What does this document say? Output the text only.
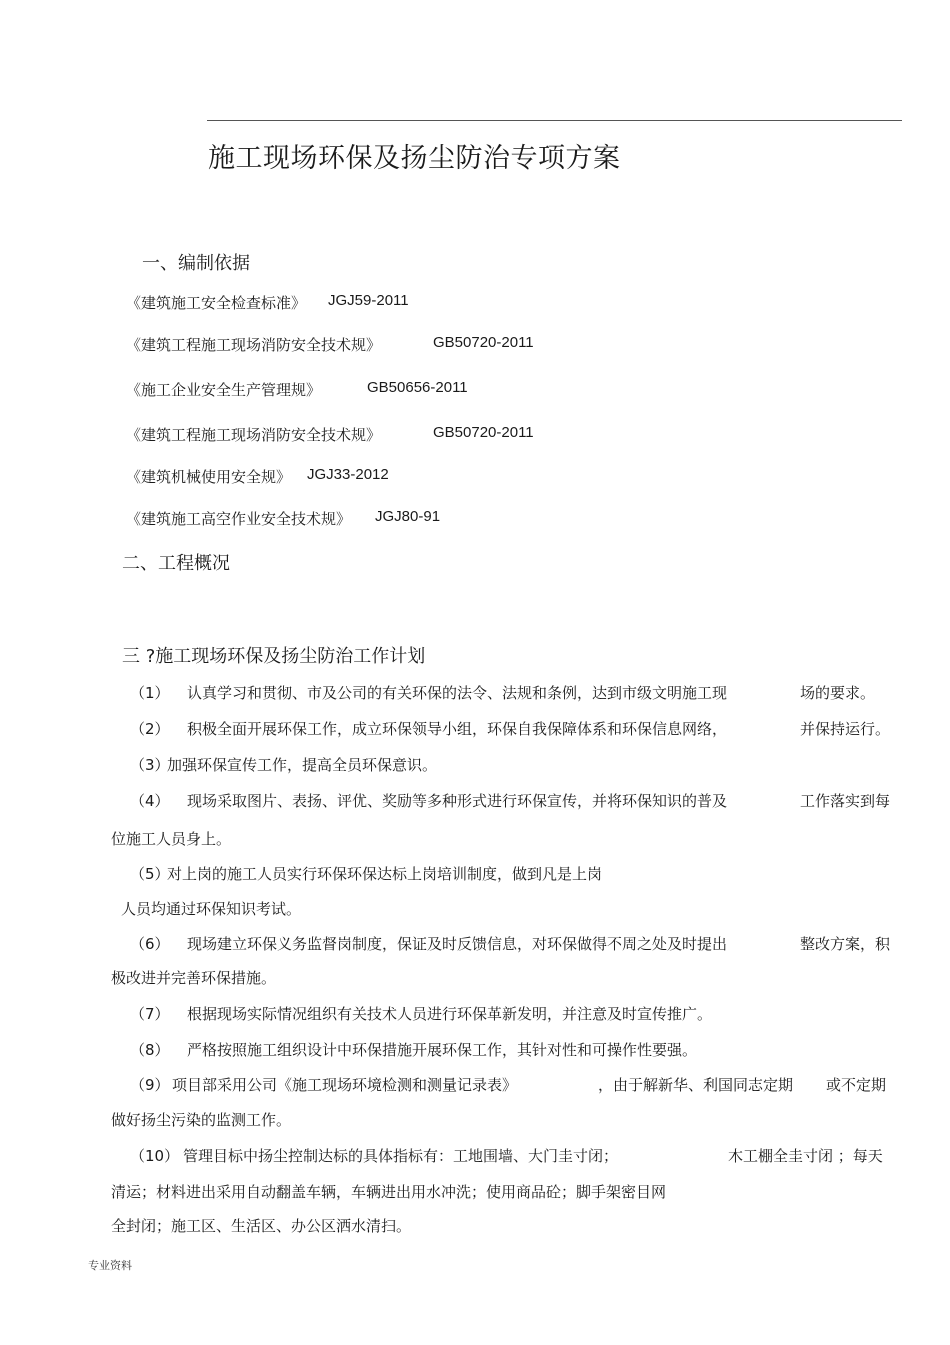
施工现场环保及扬尘防治专项方案
一、编制依据
《建筑施工安全检查标准》 JGJ59-2011
《建筑工程施工现场消防安全技术规》	GB50720-2011
《施工企业安全生产管理规》	GB50656-2011
《建筑工程施工现场消防安全技术规》	GB50720-2011
《建筑机械使用安全规》 JGJ33-2012
《建筑施工高空作业安全技术规》 JGJ80-91
二、工程概况
三 ?施工现场环保及扬尘防治工作计划
（1） 认真学习和贯彻、市及公司的有关环保的法令、法规和条例，达到市级文明施工现	场的要求。
（2） 积极全面开展环保工作，成立环保领导小组，环保自我保障体系和环保信息网络，	并保持运行。
（3）
加强环保宣传工作，提高全员环保意识。
（4） 现场采取图片、表扬、评优、奖励等多种形式进行环保宣传，并将环保知识的普及	工作落实到每
位施工人员身上。
（5）
对上岗的施工人员实行环保环保达标上岗培训制度，做到凡是上岗
人员均通过环保知识考试。
（6） 现场建立环保义务监督岗制度，保证及时反馈信息，对环保做得不周之处及时提出	整改方案，积
极改进并完善环保措施。
（7） 根据现场实际情况组织有关技术人员进行环保革新发明，并注意及时宣传推广。
（8） 严格按照施工组织设计中环保措施开展环保工作，其针对性和可操作性要强。
（9） 项目部采用公司《施工现场环境检测和测量记录表》	，由于解新华、利国同志定期 或不定期
做好扬尘污染的监测工作。
（10） 管理目标中扬尘控制达标的具体指标有：工地围墙、大门圭寸闭；	木工棚全圭寸闭 ；每天
清运；材料进出采用自动翻盖车辆，车辆进出用水冲洗；使用商品砼；脚手架密目网
全封闭；施工区、生活区、办公区洒水清扫。
专业资料
